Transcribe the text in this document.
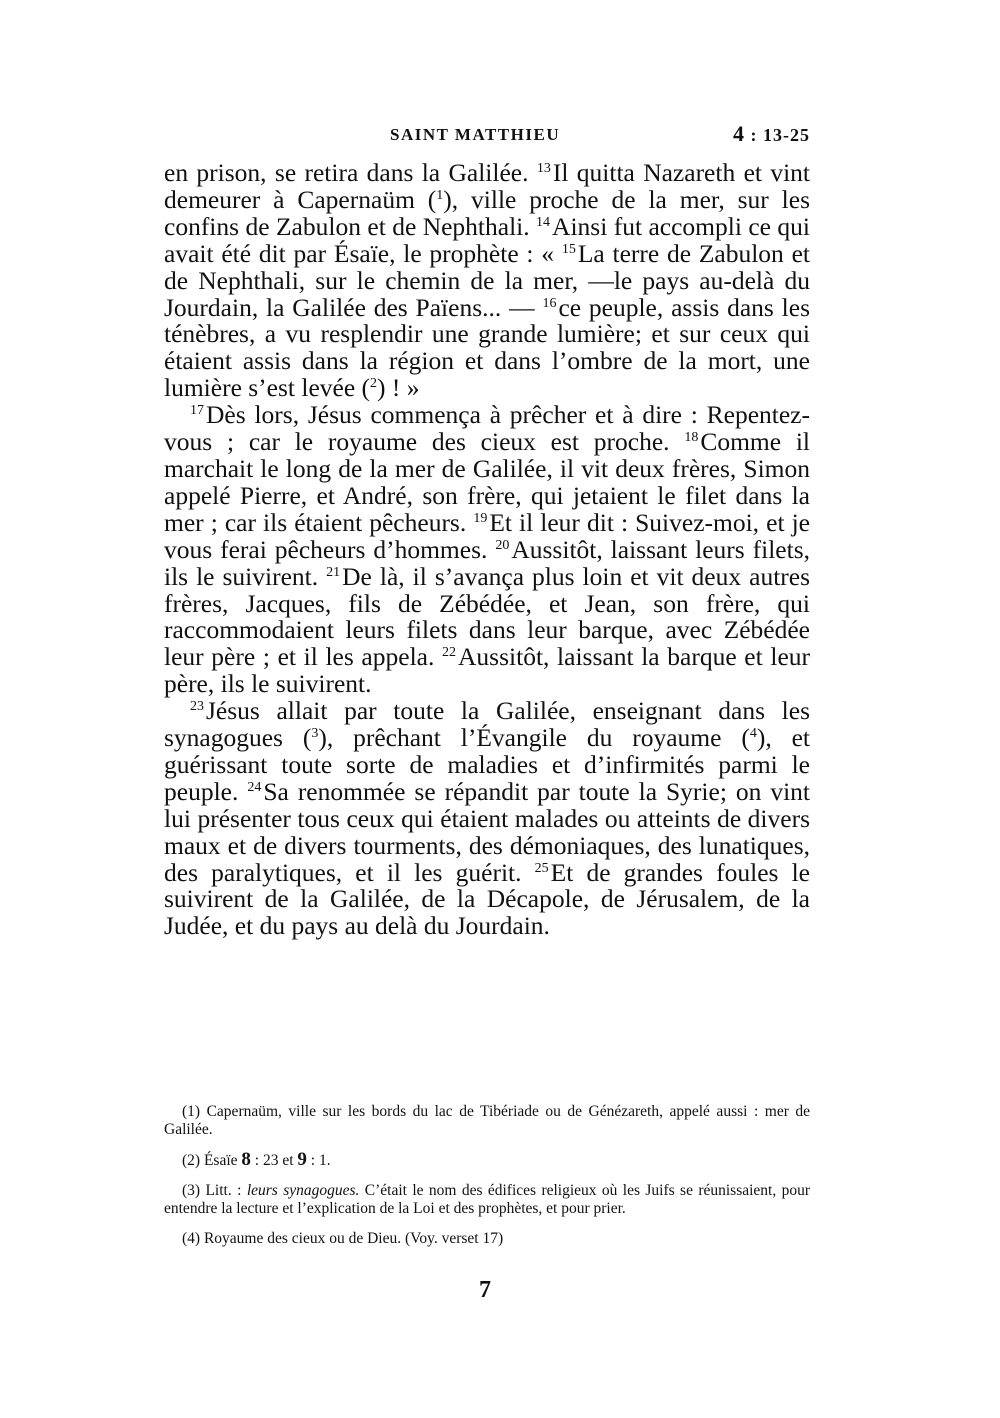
SAINT MATTHIEU	4 : 13-25

en prison, se retira dans la Galilée. $^{13}$Il quitta Nazareth et vint demeurer à Capernaüm ($^1$), ville proche de la mer, sur les confins de Zabulon et de Nephthali. $^{14}$Ainsi fut accompli ce qui avait été dit par Ésaïe, le prophète : « $^{15}$La terre de Zabulon et de Nephthali, sur le chemin de la mer, —le pays au-delà du Jourdain, la Galilée des Païens... — $^{16}$ce peuple, assis dans les ténèbres, a vu resplendir une grande lumière; et sur ceux qui étaient assis dans la région et dans l’ombre de la mort, une lumière s’est levée ($^2$) ! »

$^{17}$Dès lors, Jésus commença à prêcher et à dire : Repentez-vous ; car le royaume des cieux est proche. $^{18}$Comme il marchait le long de la mer de Galilée, il vit deux frères, Simon appelé Pierre, et André, son frère, qui jetaient le filet dans la mer ; car ils étaient pêcheurs. $^{19}$Et il leur dit : Suivez-moi, et je vous ferai pêcheurs d’hommes. $^{20}$Aussitôt, laissant leurs filets, ils le suivirent. $^{21}$De là, il s’avança plus loin et vit deux autres frères, Jacques, fils de Zébédée, et Jean, son frère, qui raccommodaient leurs filets dans leur barque, avec Zébédée leur père ; et il les appela. $^{22}$Aussitôt, laissant la barque et leur père, ils le suivirent.

$^{23}$Jésus allait par toute la Galilée, enseignant dans les synagogues ($^3$), prêchant l’Évangile du royaume ($^4$), et guérissant toute sorte de maladies et d’infirmités parmi le peuple. $^{24}$Sa renommée se répandit par toute la Syrie; on vint lui présenter tous ceux qui étaient malades ou atteints de divers maux et de divers tourments, des démoniaques, des lunatiques, des paralytiques, et il les guérit. $^{25}$Et de grandes foules le suivirent de la Galilée, de la Décapole, de Jérusalem, de la Judée, et du pays au delà du Jourdain.

(1) Capernaüm, ville sur les bords du lac de Tibériade ou de Génézareth, appelé aussi : mer de Galilée.

(2) Ésaïe 8 : 23 et 9 : 1.

(3) Litt. : leurs synagogues. C’était le nom des édifices religieux où les Juifs se réunissaient, pour entendre la lecture et l’explication de la Loi et des prophètes, et pour prier.

(4) Royaume des cieux ou de Dieu. (Voy. verset 17)

7
